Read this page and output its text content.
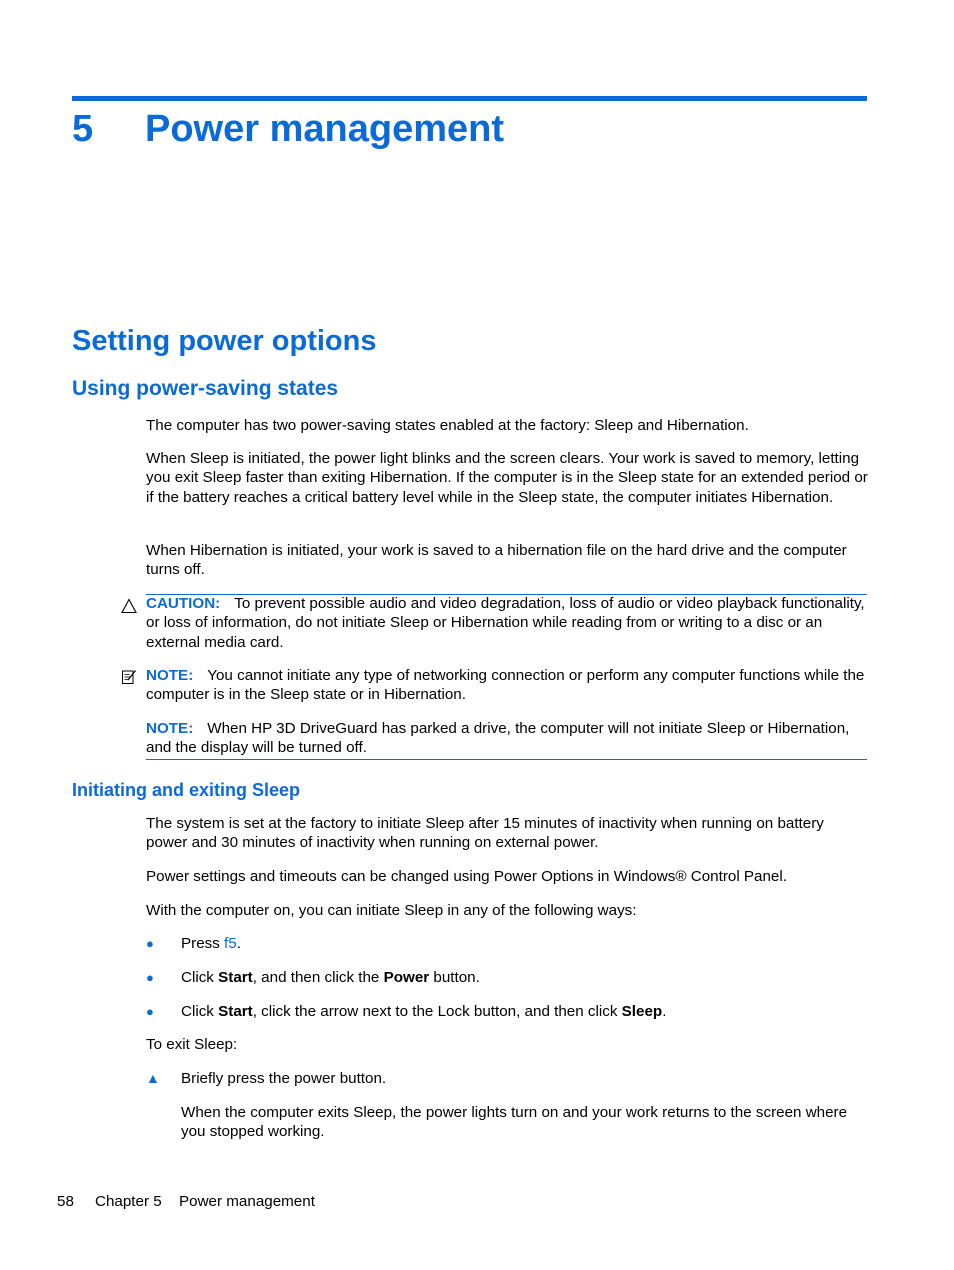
5 Power management
Setting power options
Using power-saving states
The computer has two power-saving states enabled at the factory: Sleep and Hibernation.
When Sleep is initiated, the power light blinks and the screen clears. Your work is saved to memory, letting you exit Sleep faster than exiting Hibernation. If the computer is in the Sleep state for an extended period or if the battery reaches a critical battery level while in the Sleep state, the computer initiates Hibernation.
When Hibernation is initiated, your work is saved to a hibernation file on the hard drive and the computer turns off.
CAUTION: To prevent possible audio and video degradation, loss of audio or video playback functionality, or loss of information, do not initiate Sleep or Hibernation while reading from or writing to a disc or an external media card.
NOTE: You cannot initiate any type of networking connection or perform any computer functions while the computer is in the Sleep state or in Hibernation.
NOTE: When HP 3D DriveGuard has parked a drive, the computer will not initiate Sleep or Hibernation, and the display will be turned off.
Initiating and exiting Sleep
The system is set at the factory to initiate Sleep after 15 minutes of inactivity when running on battery power and 30 minutes of inactivity when running on external power.
Power settings and timeouts can be changed using Power Options in Windows® Control Panel.
With the computer on, you can initiate Sleep in any of the following ways:
● Press f5.
● Click Start, and then click the Power button.
● Click Start, click the arrow next to the Lock button, and then click Sleep.
To exit Sleep:
▲ Briefly press the power button.
When the computer exits Sleep, the power lights turn on and your work returns to the screen where you stopped working.
58 Chapter 5 Power management
